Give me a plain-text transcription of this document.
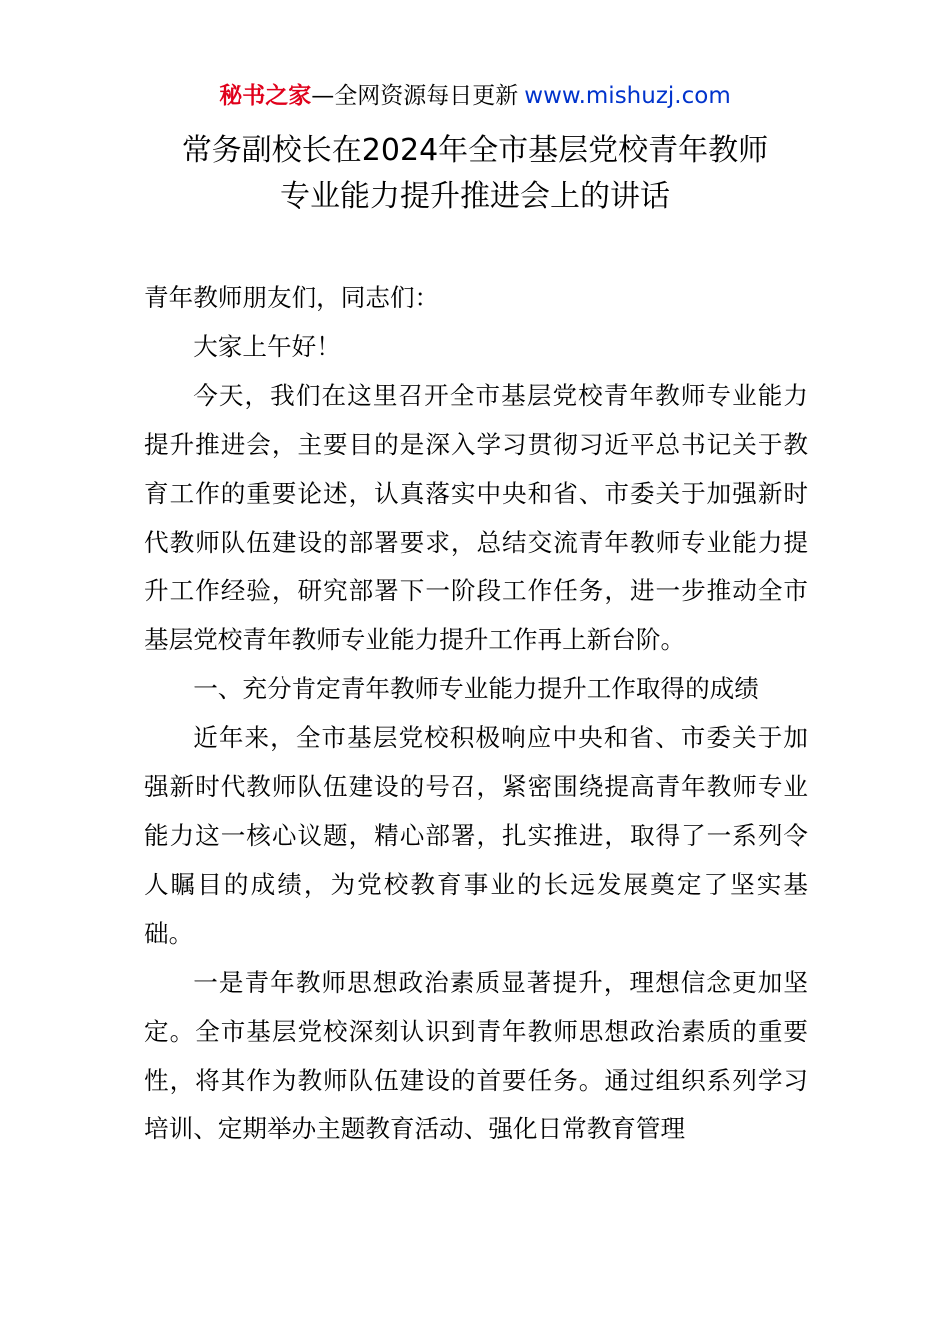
秘书之家—全网资源每日更新 www.mishuzj.com
常务副校长在2024年全市基层党校青年教师
专业能力提升推进会上的讲话

青年教师朋友们，同志们：

大家上午好！

今天，我们在这里召开全市基层党校青年教师专业能力提升推进会，主要目的是深入学习贯彻习近平总书记关于教育工作的重要论述，认真落实中央和省、市委关于加强新时代教师队伍建设的部署要求，总结交流青年教师专业能力提升工作经验，研究部署下一阶段工作任务，进一步推动全市基层党校青年教师专业能力提升工作再上新台阶。

一、充分肯定青年教师专业能力提升工作取得的成绩

近年来，全市基层党校积极响应中央和省、市委关于加强新时代教师队伍建设的号召，紧密围绕提高青年教师专业能力这一核心议题，精心部署，扎实推进，取得了一系列令人瞩目的成绩，为党校教育事业的长远发展奠定了坚实基础。

一是青年教师思想政治素质显著提升，理想信念更加坚定。全市基层党校深刻认识到青年教师思想政治素质的重要性，将其作为教师队伍建设的首要任务。通过组织系列学习培训、定期举办主题教育活动、强化日常教育管理
